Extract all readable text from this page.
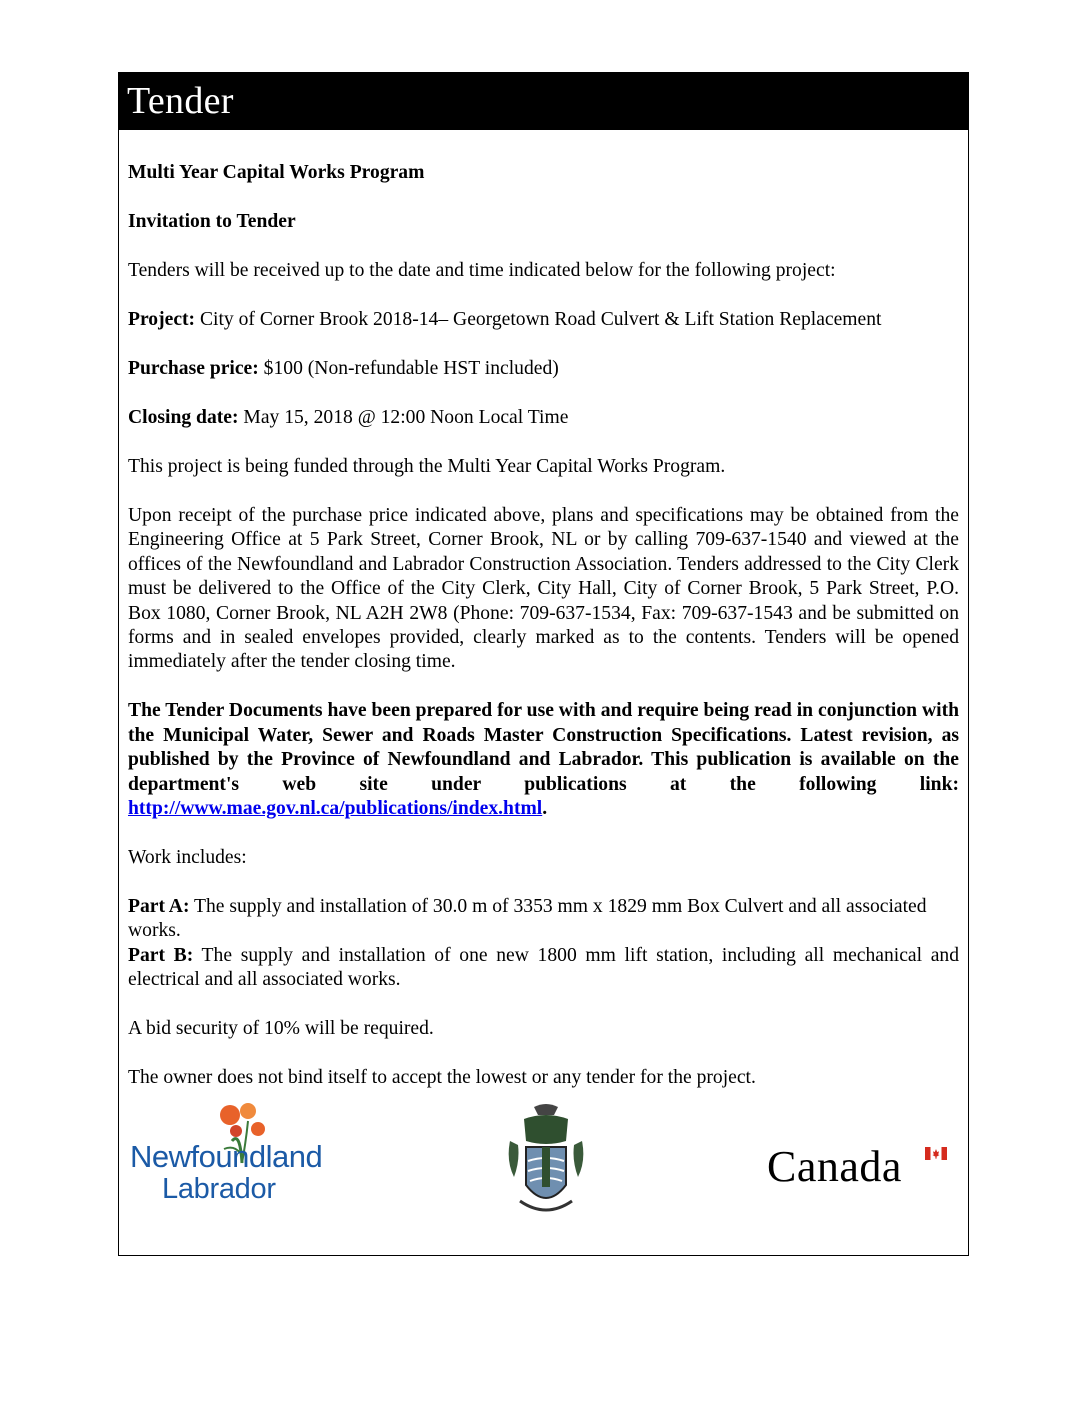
Tender

Multi Year Capital Works Program

Invitation to Tender

Tenders will be received up to the date and time indicated below for the following project:

Project: City of Corner Brook 2018-14– Georgetown Road Culvert & Lift Station Replacement

Purchase price: $100 (Non-refundable HST included)

Closing date: May 15, 2018 @ 12:00 Noon Local Time

This project is being funded through the Multi Year Capital Works Program.

Upon receipt of the purchase price indicated above, plans and specifications may be obtained from the Engineering Office at 5 Park Street, Corner Brook, NL or by calling 709-637-1540 and viewed at the offices of the Newfoundland and Labrador Construction Association. Tenders addressed to the City Clerk must be delivered to the Office of the City Clerk, City Hall, City of Corner Brook, 5 Park Street, P.O. Box 1080, Corner Brook, NL A2H 2W8 (Phone: 709-637-1534, Fax: 709-637-1543 and be submitted on forms and in sealed envelopes provided, clearly marked as to the contents. Tenders will be opened immediately after the tender closing time.

The Tender Documents have been prepared for use with and require being read in conjunction with the Municipal Water, Sewer and Roads Master Construction Specifications. Latest revision, as published by the Province of Newfoundland and Labrador. This publication is available on the department's web site under publications at the following link: http://www.mae.gov.nl.ca/publications/index.html.

Work includes:

Part A: The supply and installation of 30.0 m of 3353 mm x 1829 mm Box Culvert and all associated works.

Part B: The supply and installation of one new 1800 mm lift station, including all mechanical and electrical and all associated works.

A bid security of 10% will be required.

The owner does not bind itself to accept the lowest or any tender for the project.

Newfoundland
Labrador	Canada
